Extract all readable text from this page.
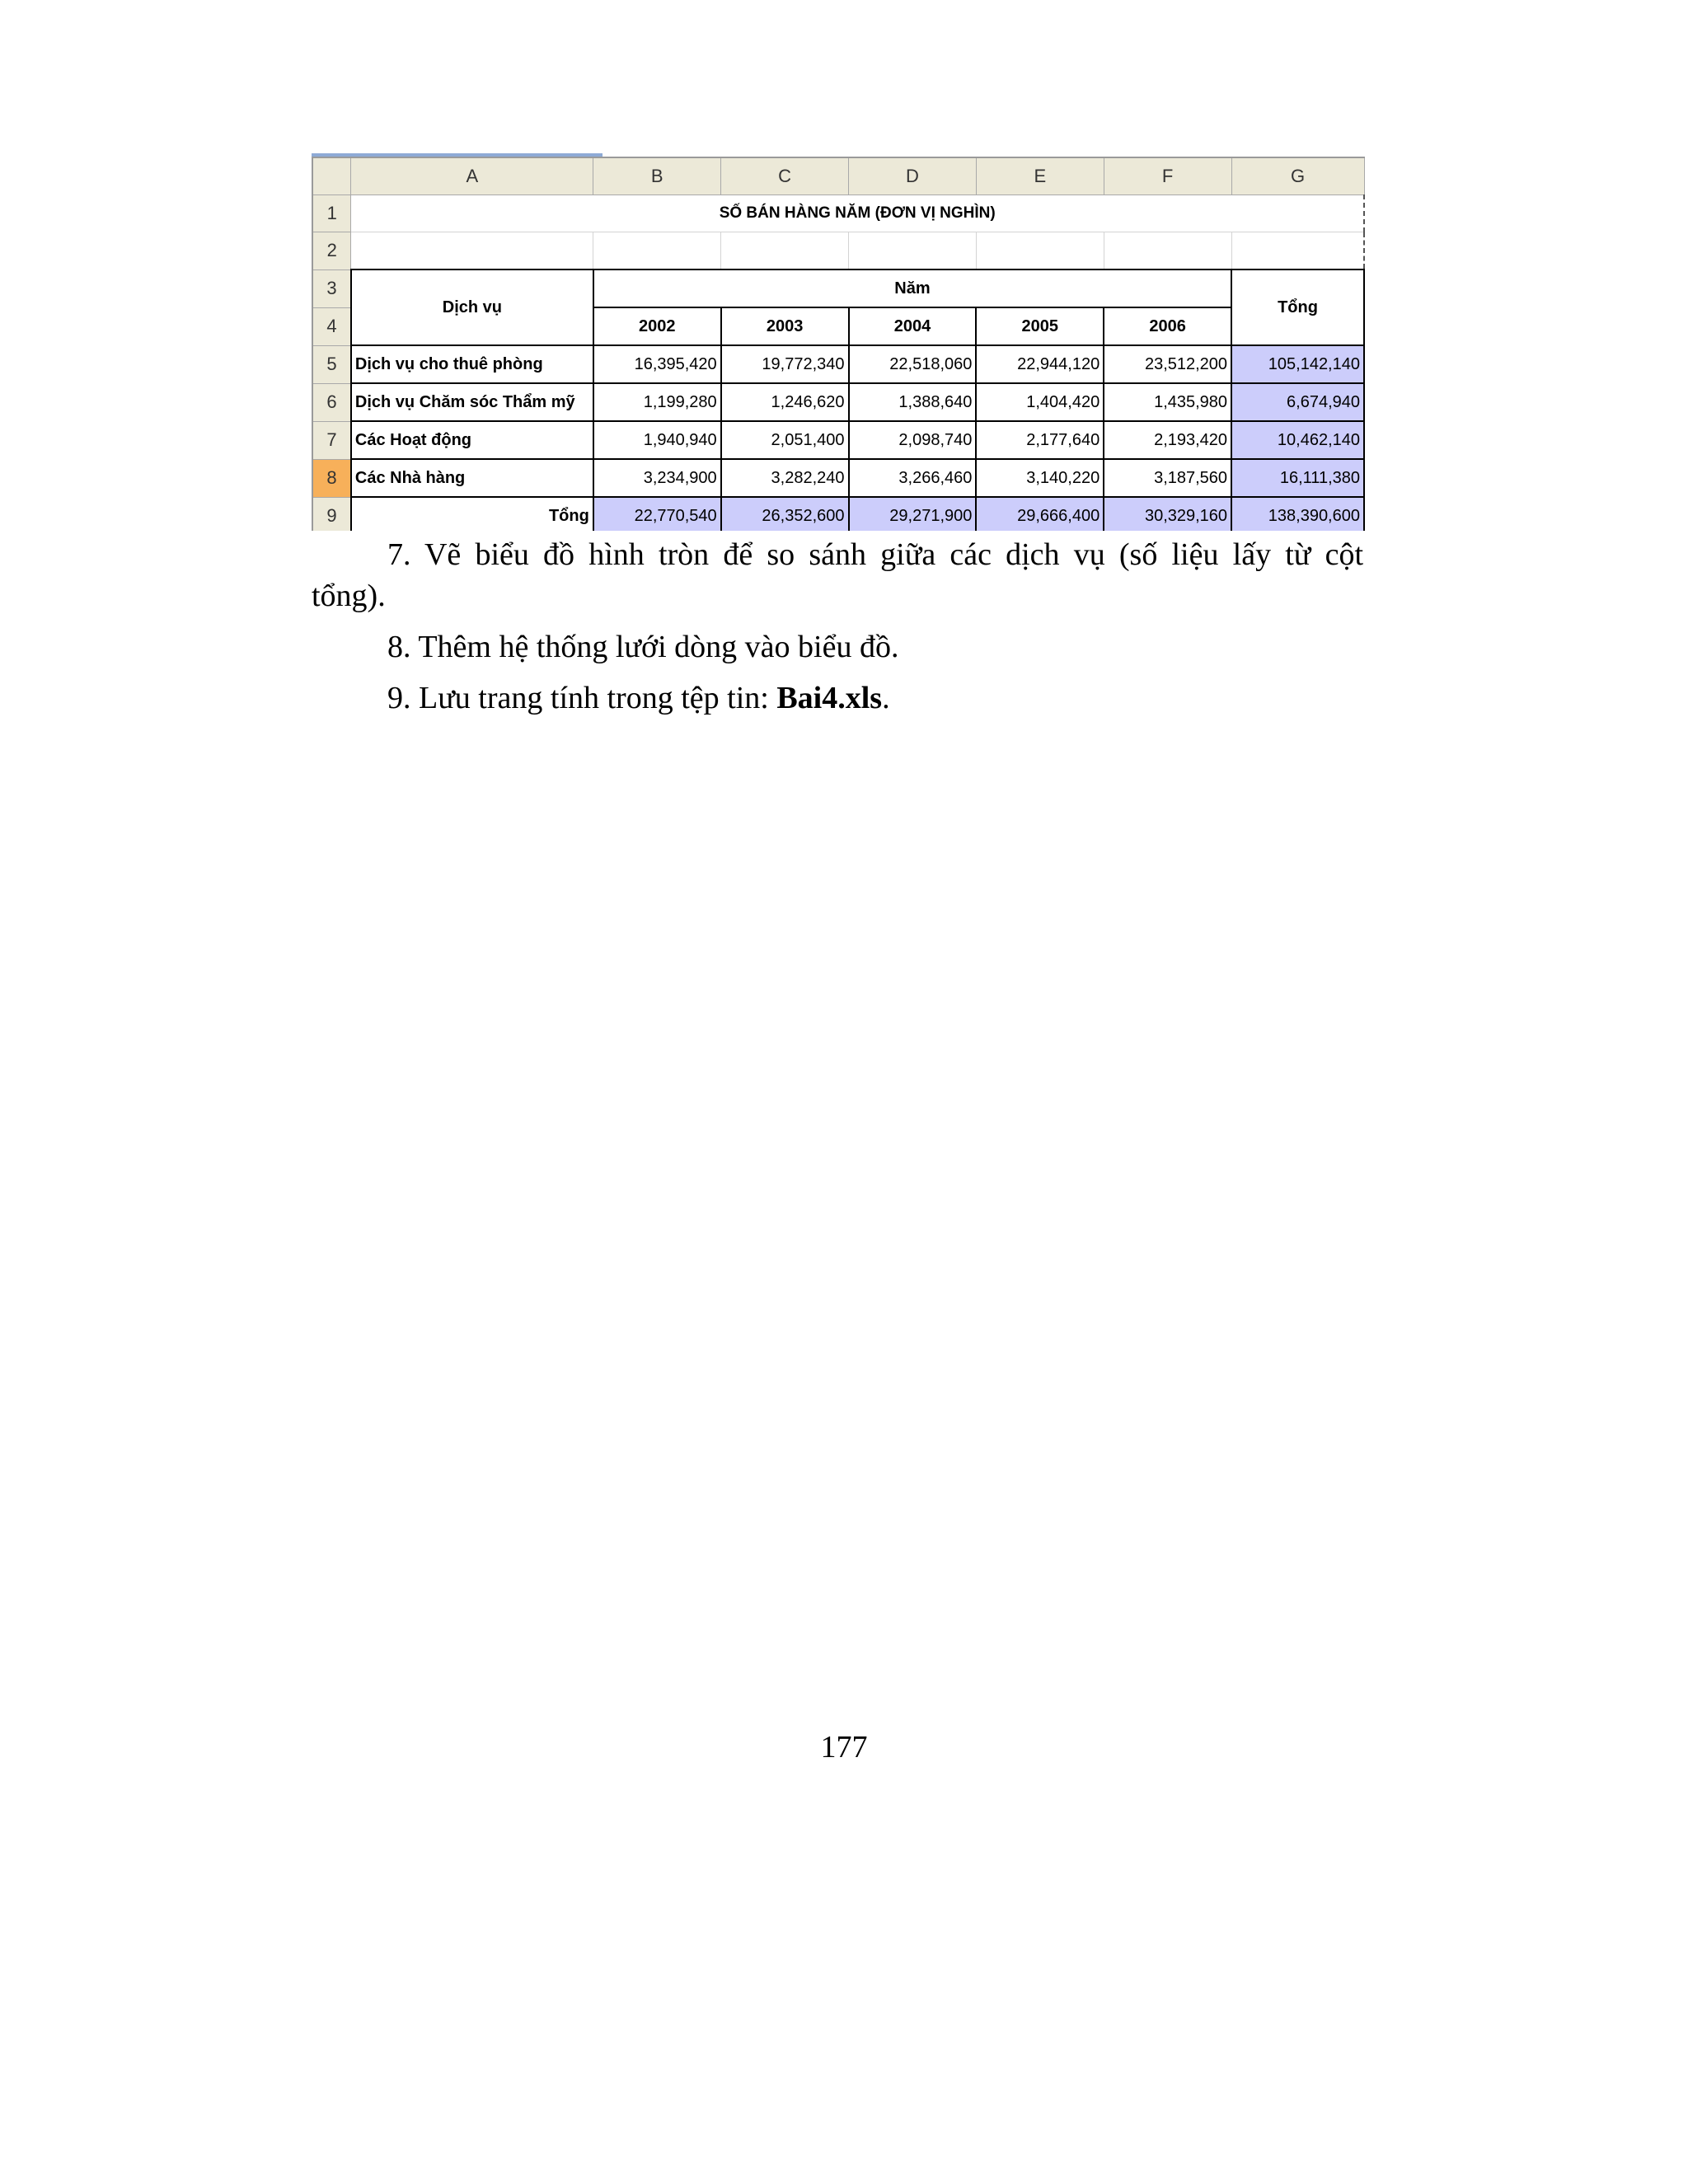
	A	B	C	D	E	F	G
1	SỐ BÁN HÀNG NĂM (ĐƠN VỊ NGHÌN)						
2							
3	Dịch vụ	Năm					Tổng
4		2002	2003	2004	2005	2006	
5	Dịch vụ cho thuê phòng	16,395,420	19,772,340	22,518,060	22,944,120	23,512,200	105,142,140
6	Dịch vụ Chăm sóc Thẩm mỹ	1,199,280	1,246,620	1,388,640	1,404,420	1,435,980	6,674,940
7	Các Hoạt động	1,940,940	2,051,400	2,098,740	2,177,640	2,193,420	10,462,140
8	Các Nhà hàng	3,234,900	3,282,240	3,266,460	3,140,220	3,187,560	16,111,380
9	Tổng	22,770,540	26,352,600	29,271,900	29,666,400	30,329,160	138,390,600
7. Vẽ biểu đồ hình tròn để so sánh giữa các dịch vụ (số liệu lấy từ cột
tổng).
8. Thêm hệ thống lưới dòng vào biểu đồ.
9. Lưu trang tính trong tệp tin: Bai4.xls.
177
